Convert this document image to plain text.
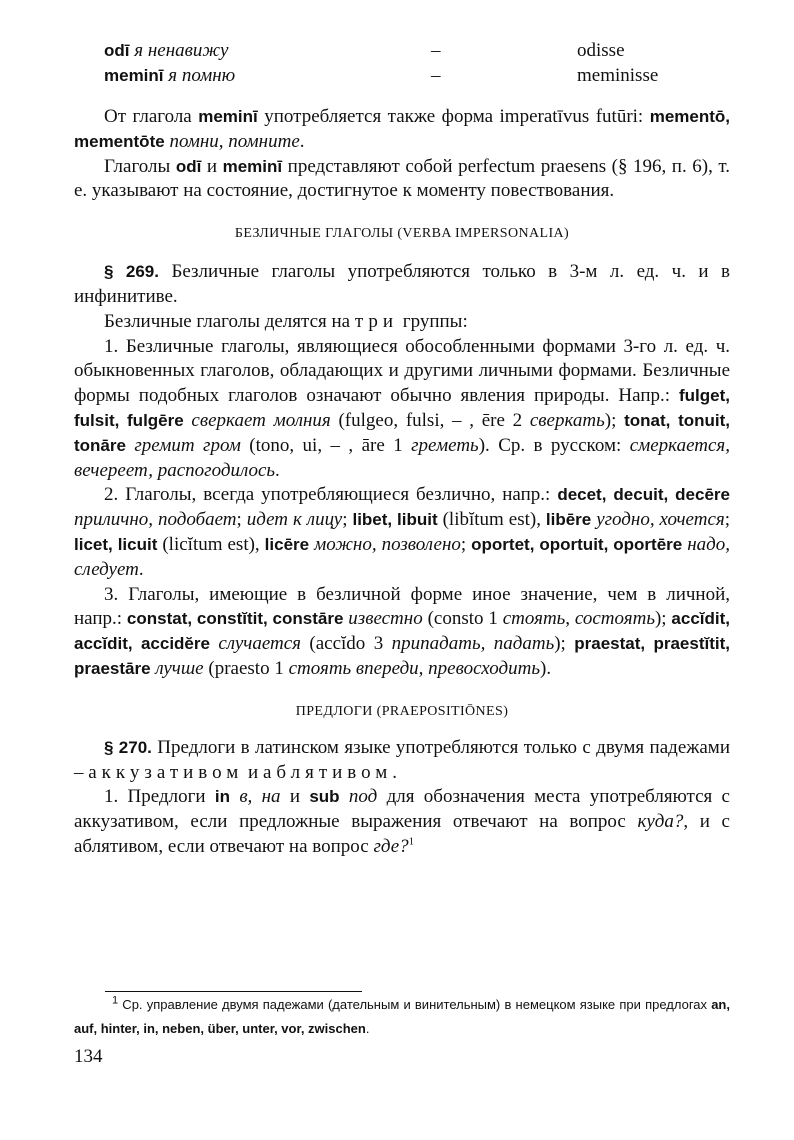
odī я ненавижу	–	odisse
meminī я помню	–	meminisse

От глагола meminī употребляется также форма imperatīvus futūri: mementō, mementōte помни, помните.

Глаголы odī и meminī представляют собой perfectum praesens (§ 196, п. 6), т. е. указывают на состояние, достигнутое к моменту повествования.

БЕЗЛИЧНЫЕ ГЛАГОЛЫ (VERBA IMPERSONALIA)

§ 269. Безличные глаголы употребляются только в 3-м л. ед. ч. и в инфинитиве.

Безличные глаголы делятся на три группы:

1. Безличные глаголы, являющиеся обособленными формами 3-го л. ед. ч. обыкновенных глаголов, обладающих и другими личными формами. Безличные формы подобных глаголов означают обычно явления природы. Напр.: fulget, fulsit, fulgēre сверкает молния (fulgeo, fulsi, – , ēre 2 сверкать); tonat, tonuit, tonāre гремит гром (tono, ui, – , āre 1 греметь). Ср. в русском: смеркается, вечереет, распогодилось.

2. Глаголы, всегда употребляющиеся безлично, напр.: decet, decuit, decēre прилично, подобает; идет к лицу; libet, libuit (libĭtum est), libēre угодно, хочется; licet, licuit (licĭtum est), licēre можно, позволено; oportet, oportuit, oportēre надо, следует.

3. Глаголы, имеющие в безличной форме иное значение, чем в личной, напр.: constat, constĭtit, constāre известно (consto 1 стоять, состоять); accĭdit, accĭdit, accidĕre случается (accĭdo 3 припадать, падать); praestat, praestĭtit, praestāre лучше (praesto 1 стоять впереди, превосходить).

ПРЕДЛОГИ (PRAEPOSITIŌNES)

§ 270. Предлоги в латинском языке употребляются только с двумя падежами – аккузативом и аблятивом.

1. Предлоги in в, на и sub под для обозначения места употребляются с аккузативом, если предложные выражения отвечают на вопрос куда?, и с аблятивом, если отвечают на вопрос где?$^1$

$^1$ Ср. управление двумя падежами (дательным и винительным) в немецком языке при предлогах an, auf, hinter, in, neben, über, unter, vor, zwischen.
134
